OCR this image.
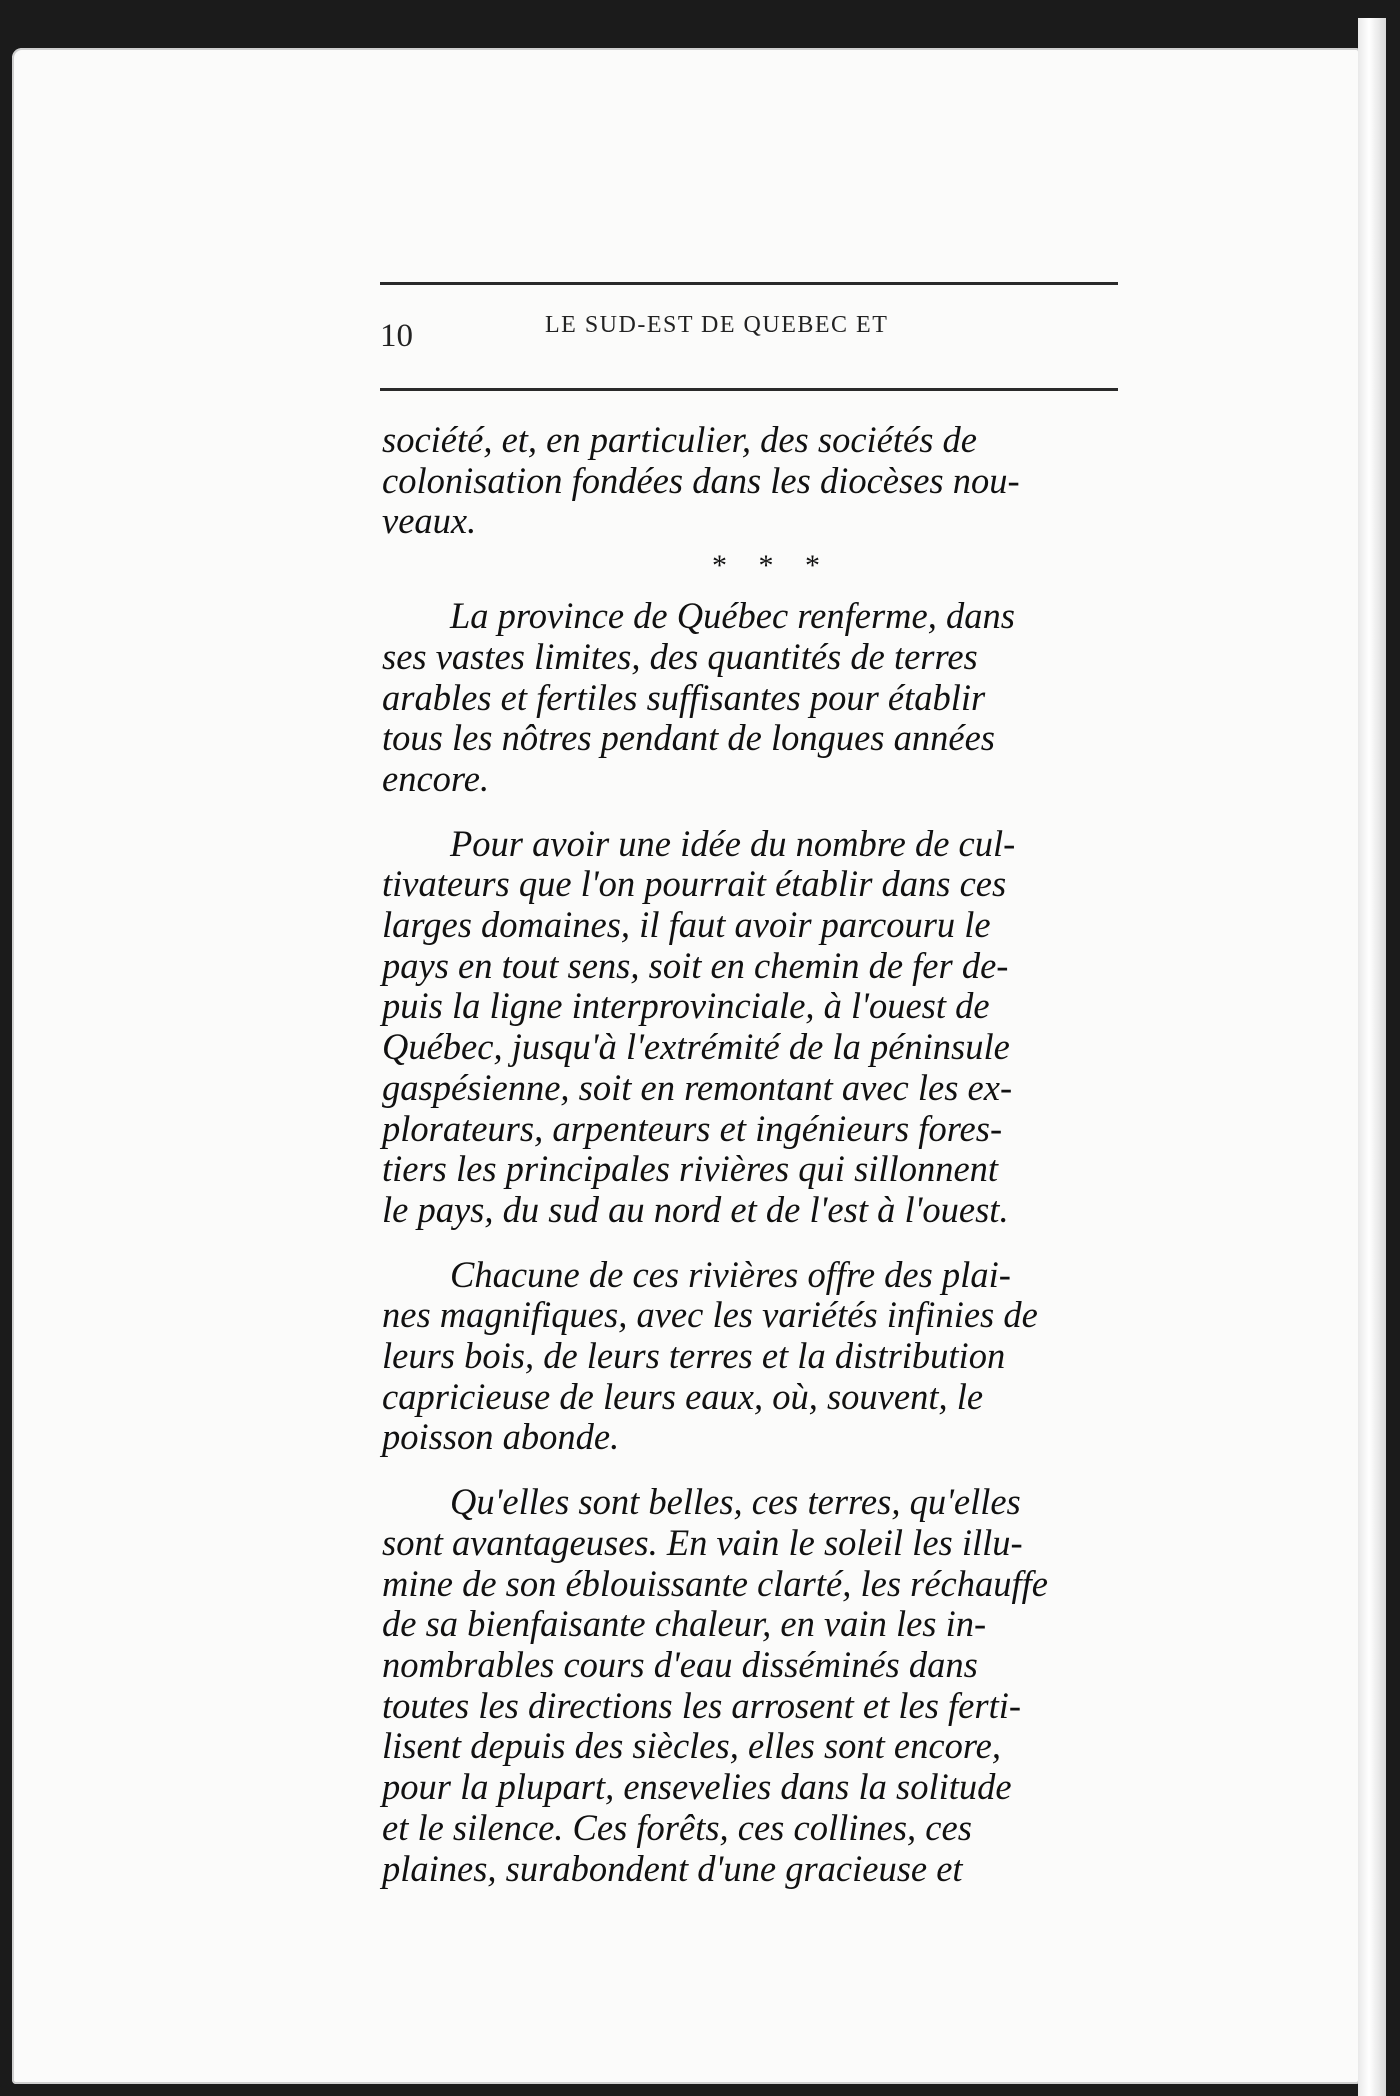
10	LE SUD-EST DE QUEBEC ET

société, et, en particulier, des sociétés de
colonisation fondées dans les diocèses nou-
veaux.

* * *

La province de Québec renferme, dans
ses vastes limites, des quantités de terres
arables et fertiles suffisantes pour établir
tous les nôtres pendant de longues années
encore.

Pour avoir une idée du nombre de cul-
tivateurs que l'on pourrait établir dans ces
larges domaines, il faut avoir parcouru le
pays en tout sens, soit en chemin de fer de-
puis la ligne interprovinciale, à l'ouest de
Québec, jusqu'à l'extrémité de la péninsule
gaspésienne, soit en remontant avec les ex-
plorateurs, arpenteurs et ingénieurs fores-
tiers les principales rivières qui sillonnent
le pays, du sud au nord et de l'est à l'ouest.

Chacune de ces rivières offre des plai-
nes magnifiques, avec les variétés infinies de
leurs bois, de leurs terres et la distribution
capricieuse de leurs eaux, où, souvent, le
poisson abonde.

Qu'elles sont belles, ces terres, qu'elles
sont avantageuses. En vain le soleil les illu-
mine de son éblouissante clarté, les réchauffe
de sa bienfaisante chaleur, en vain les in-
nombrables cours d'eau disséminés dans
toutes les directions les arrosent et les ferti-
lisent depuis des siècles, elles sont encore,
pour la plupart, ensevelies dans la solitude
et le silence. Ces forêts, ces collines, ces
plaines, surabondent d'une gracieuse et
